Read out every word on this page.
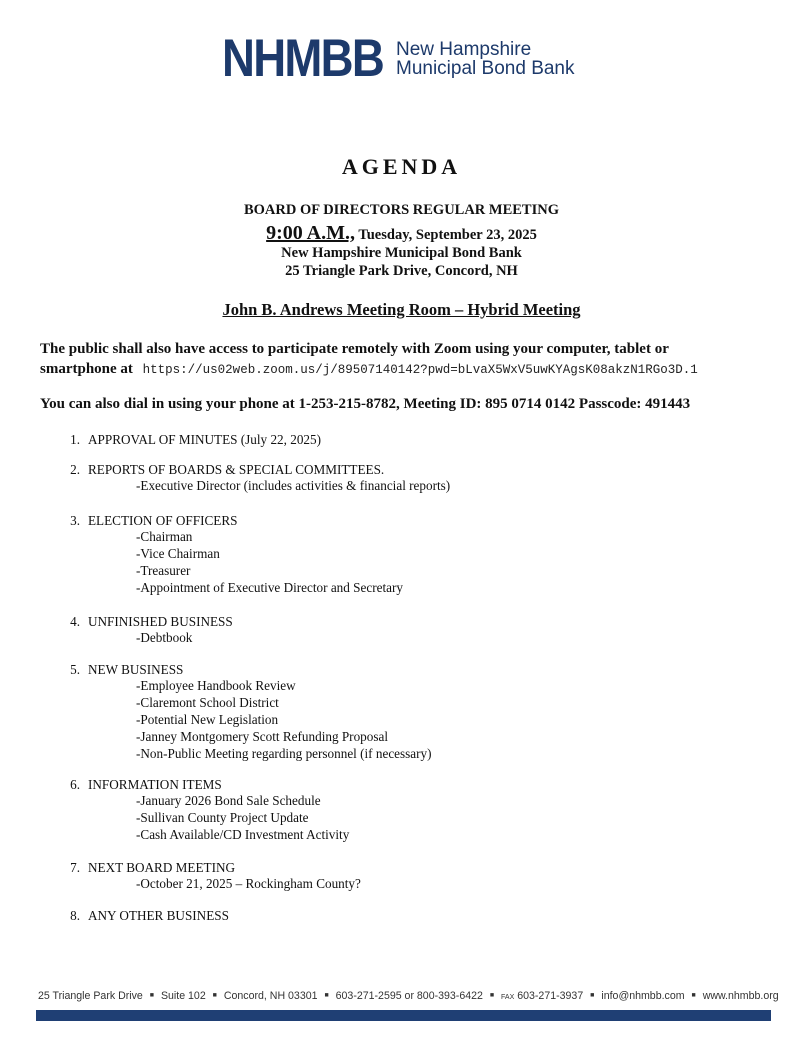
NHMBB New Hampshire
Municipal Bond Bank
AGENDA
BOARD OF DIRECTORS REGULAR MEETING
9:00 A.M., Tuesday, September 23, 2025
New Hampshire Municipal Bond Bank
25 Triangle Park Drive, Concord, NH
John B. Andrews Meeting Room – Hybrid Meeting
The public shall also have access to participate remotely with Zoom using your computer, tablet or
smartphone at https://us02web.zoom.us/j/89507140142?pwd=bLvaX5WxV5uwKYAgsK08akzN1RGo3D.1
You can also dial in using your phone at 1-253-215-8782, Meeting ID: 895 0714 0142 Passcode: 491443
1. APPROVAL OF MINUTES (July 22, 2025)
2. REPORTS OF BOARDS & SPECIAL COMMITTEES.
-Executive Director (includes activities & financial reports)
3. ELECTION OF OFFICERS
-Chairman
-Vice Chairman
-Treasurer
-Appointment of Executive Director and Secretary
4. UNFINISHED BUSINESS
-Debtbook
5. NEW BUSINESS
-Employee Handbook Review
-Claremont School District
-Potential New Legislation
-Janney Montgomery Scott Refunding Proposal
-Non-Public Meeting regarding personnel (if necessary)
6. INFORMATION ITEMS
-January 2026 Bond Sale Schedule
-Sullivan County Project Update
-Cash Available/CD Investment Activity
7. NEXT BOARD MEETING
-October 21, 2025 – Rockingham County?
8. ANY OTHER BUSINESS
25 Triangle Park Drive ■ Suite 102 ■ Concord, NH 03301 ■ 603-271-2595 or 800-393-6422 ■ FAX 603-271-3937 ■ info@nhmbb.com ■ www.nhmbb.org
